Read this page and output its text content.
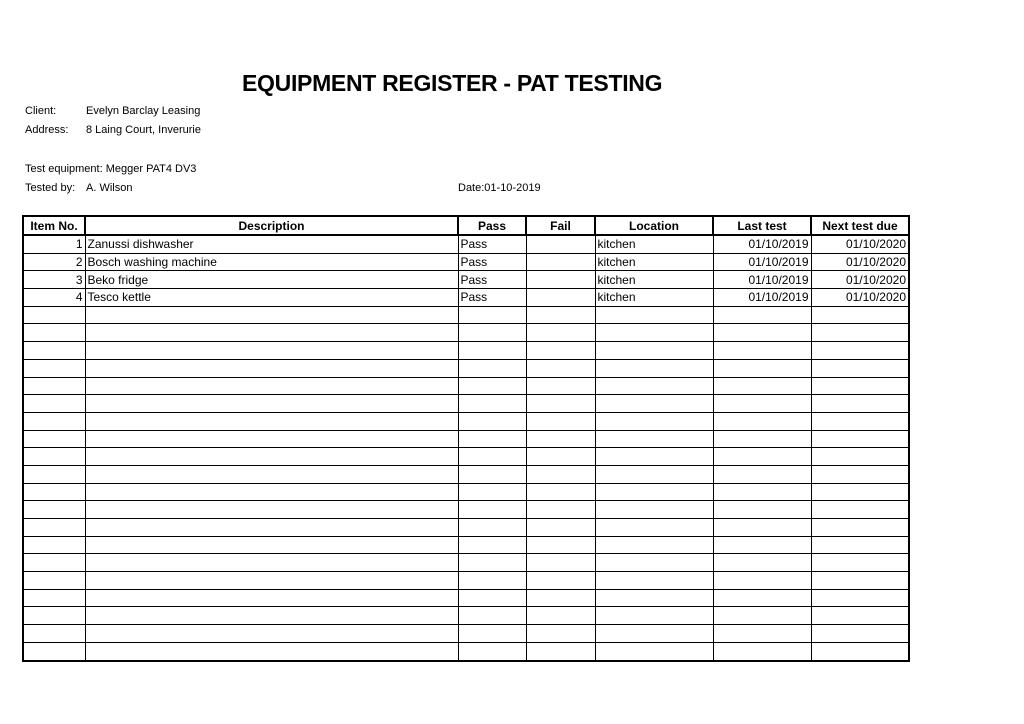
EQUIPMENT REGISTER - PAT TESTING
Client:	Evelyn Barclay Leasing
Address: 8 Laing Court, Inverurie
Test equipment: Megger PAT4 DV3
Tested by: A. Wilson	Date:01-10-2019
Item No.	Description	Pass	Fail	Location	Last test	Next test due
1	Zanussi dishwasher	Pass		kitchen	01/10/2019	01/10/2020
2	Bosch washing machine	Pass		kitchen	01/10/2019	01/10/2020
3	Beko fridge	Pass		kitchen	01/10/2019	01/10/2020
4	Tesco kettle	Pass		kitchen	01/10/2019	01/10/2020
